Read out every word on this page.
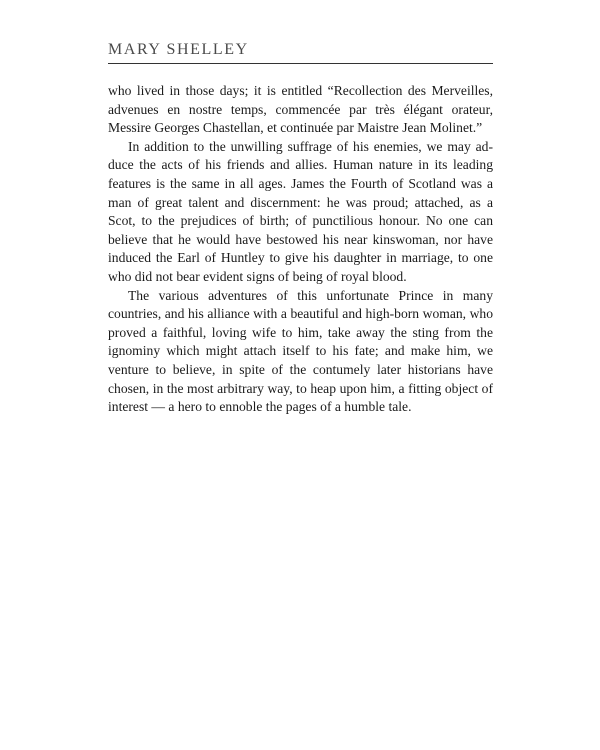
MARY SHELLEY

who lived in those days; it is entitled “Recollection des Merveilles, advenues en nostre temps, commencée par très élégant orateur, Messire Georges Chastellan, et continuée par Maistre Jean Molinet.”

In addition to the unwilling suffrage of his enemies, we may adduce the acts of his friends and allies. Human nature in its leading features is the same in all ages. James the Fourth of Scotland was a man of great talent and discernment: he was proud; attached, as a Scot, to the prejudices of birth; of punctilious honour. No one can believe that he would have bestowed his near kinswoman, nor have induced the Earl of Huntley to give his daughter in marriage, to one who did not bear evident signs of being of royal blood.

The various adventures of this unfortunate Prince in many countries, and his alliance with a beautiful and high-born woman, who proved a faithful, loving wife to him, take away the sting from the ignominy which might attach itself to his fate; and make him, we venture to believe, in spite of the contumely later historians have chosen, in the most arbitrary way, to heap upon him, a fitting object of interest — a hero to ennoble the pages of a humble tale.
